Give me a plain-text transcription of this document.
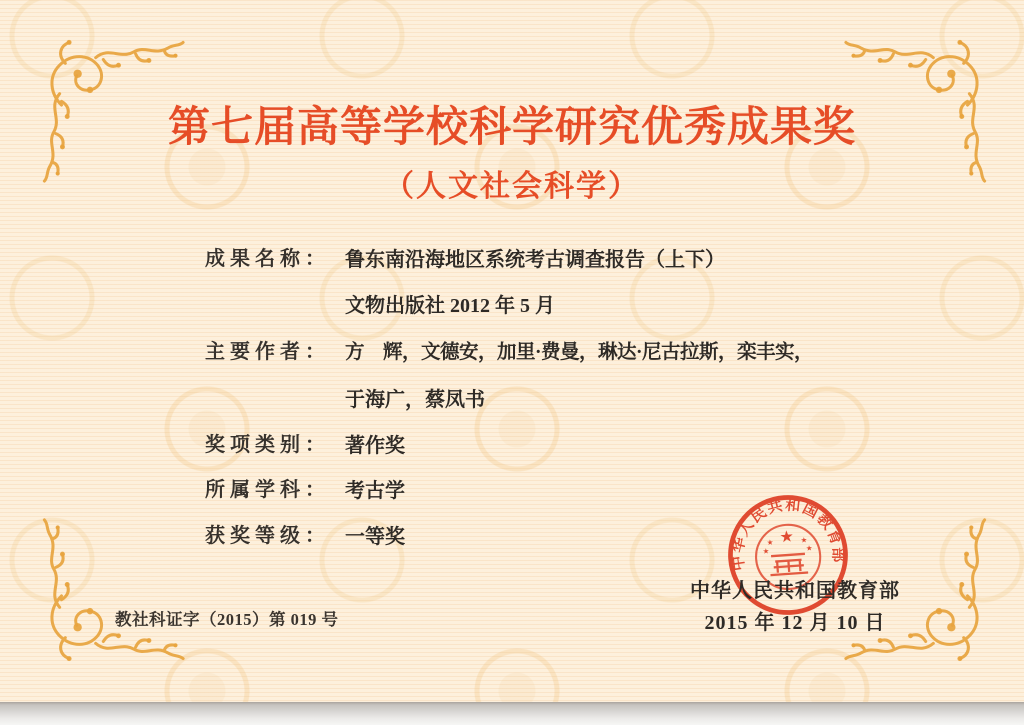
第七届高等学校科学研究优秀成果奖
（人文社会科学）
成 果 名 称 ： 鲁东南沿海地区系统考古调查报告（上下）
文物出版社 2012 年 5 月
主 要 作 者 ： 方　辉，文德安，加里·费曼，琳达·尼古拉斯，栾丰实，
于海广，蔡凤书
奖 项 类 别 ： 著作奖
所 属 学 科 ： 考古学
获 奖 等 级 ： 一等奖
教社科证字（2015）第 019 号
中华人民共和国教育部
★
★	★
★	★
中华人民共和国教育部
2015 年 12 月 10 日
